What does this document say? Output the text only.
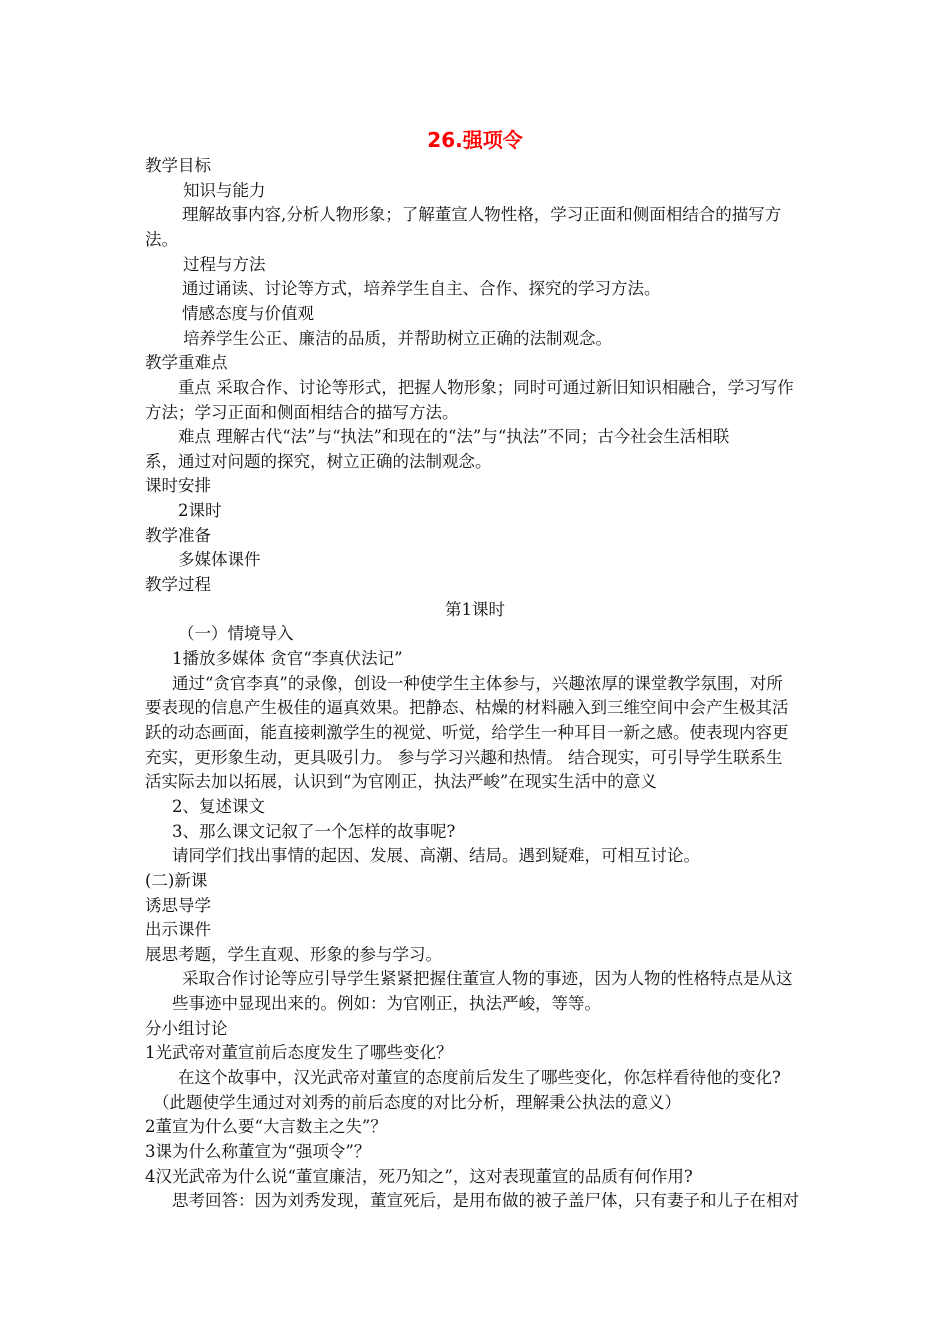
26.强项令

教学目标

知识与能力

理解故事内容,分析人物形象；了解董宣人物性格，学习正面和侧面相结合的描写方

法。

过程与方法

通过诵读、讨论等方式，培养学生自主、合作、探究的学习方法。

情感态度与价值观

培养学生公正、廉洁的品质，并帮助树立正确的法制观念。

教学重难点

重点 采取合作、讨论等形式，把握人物形象；同时可通过新旧知识相融合，学习写作

方法；学习正面和侧面相结合的描写方法。

难点 理解古代“法”与“执法”和现在的“法”与“执法”不同；古今社会生活相联

系，通过对问题的探究，树立正确的法制观念。

课时安排

2课时

教学准备

多媒体课件

教学过程

第1课时

（一）情境导入

1播放多媒体 贪官“李真伏法记”

通过“贪官李真”的录像，创设一种使学生主体参与，兴趣浓厚的课堂教学氛围，对所

要表现的信息产生极佳的逼真效果。把静态、枯燥的材料融入到三维空间中会产生极其活

跃的动态画面，能直接刺激学生的视觉、听觉，给学生一种耳目一新之感。使表现内容更

充实，更形象生动，更具吸引力。 参与学习兴趣和热情。 结合现实，可引导学生联系生

活实际去加以拓展，认识到“为官刚正，执法严峻”在现实生活中的意义

2、复述课文

3、那么课文记叙了一个怎样的故事呢?

请同学们找出事情的起因、发展、高潮、结局。遇到疑难，可相互讨论。

(二)新课

诱思导学

出示课件

展思考题，学生直观、形象的参与学习。

采取合作讨论等应引导学生紧紧把握住董宣人物的事迹，因为人物的性格特点是从这

些事迹中显现出来的。例如：为官刚正，执法严峻，等等。

分小组讨论

1光武帝对董宣前后态度发生了哪些变化？

在这个故事中，汉光武帝对董宣的态度前后发生了哪些变化，你怎样看待他的变化?

（此题使学生通过对刘秀的前后态度的对比分析，理解秉公执法的意义）

2董宣为什么要“大言数主之失”？

3课为什么称董宣为“强项令”？

4汉光武帝为什么说“董宣廉洁，死乃知之”，这对表现董宣的品质有何作用?

思考回答：因为刘秀发现，董宣死后，是用布做的被子盖尸体，只有妻子和儿子在相对
